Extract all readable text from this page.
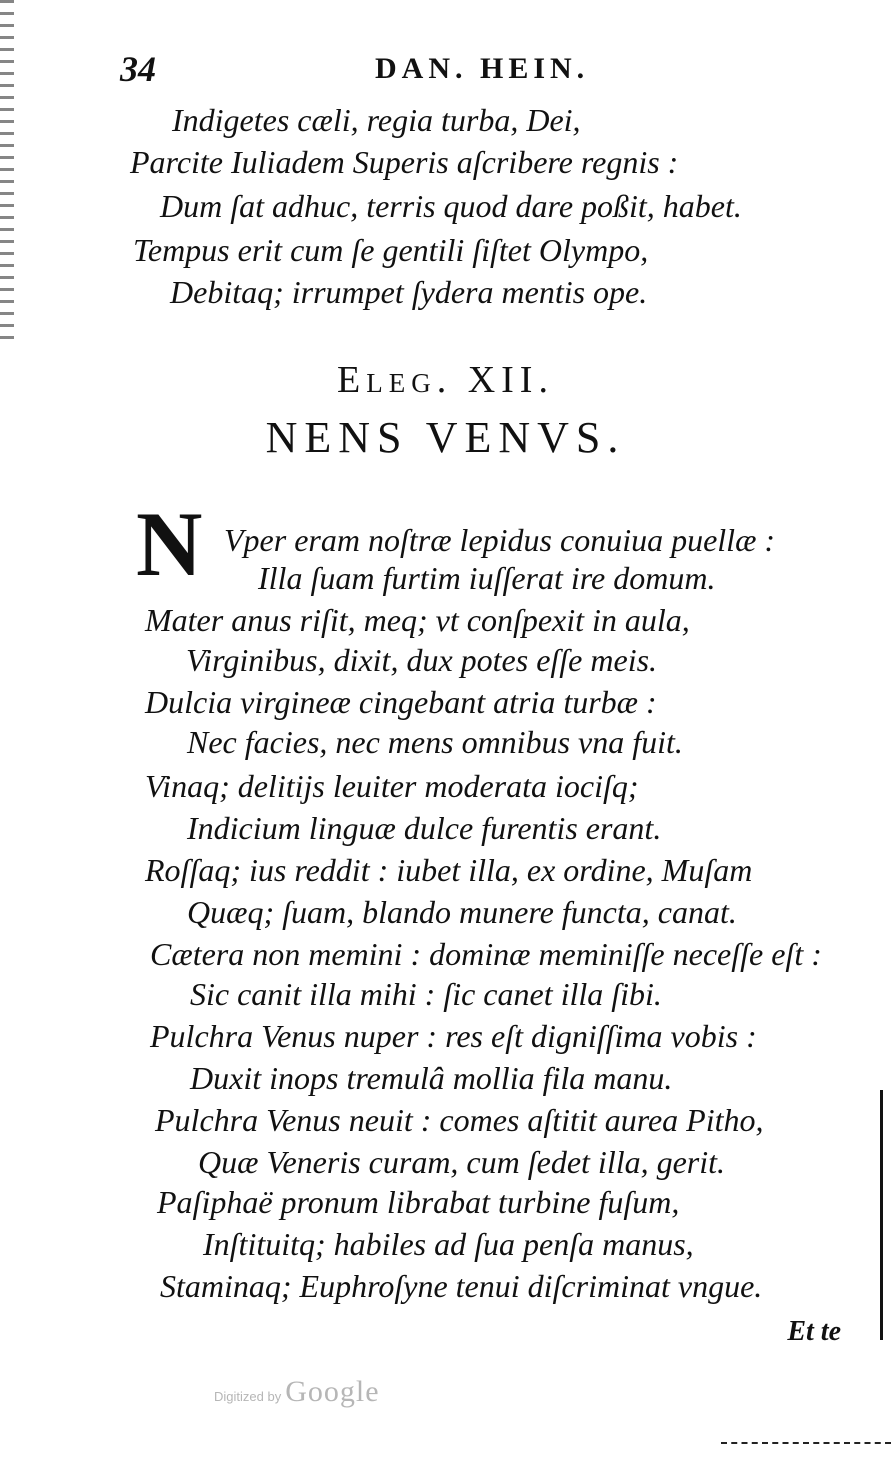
34	DAN. HEIN.
Indigetes cæli, regia turba, Dei,
Parcite Iuliadem Superis aſcribere regnis :
Dum ſat adhuc, terris quod dare poßit, habet.
Tempus erit cum ſe gentili ſiſtet Olympo,
Debitaq; irrumpet ſydera mentis ope.
Eleg. XII.
NENS VENVS.
N Vper eram noſtræ lepidus conuiua puellæ :
Illa ſuam furtim iuſſerat ire domum.
Mater anus riſit, meq; vt conſpexit in aula,
Virginibus, dixit, dux potes eſſe meis.
Dulcia virgineæ cingebant atria turbæ :
Nec facies, nec mens omnibus vna fuit.
Vinaq; delitijs leuiter moderata iociſq;
Indicium linguæ dulce furentis erant.
Roſſaq; ius reddit : iubet illa, ex ordine, Muſam
Quæq; ſuam, blando munere functa, canat.
Cætera non memini : dominæ meminiſſe neceſſe eſt :
Sic canit illa mihi : ſic canet illa ſibi.
Pulchra Venus nuper : res eſt digniſſima vobis :
Duxit inops tremulâ mollia fila manu.
Pulchra Venus neuit : comes aſtitit aurea Pitho,
Quæ Veneris curam, cum ſedet illa, gerit.
Paſiphaë pronum librabat turbine fuſum,
Inſtituitq; habiles ad ſua penſa manus,
Staminaq; Euphroſyne tenui diſcriminat vngue.
Et te
Digitized by Google
